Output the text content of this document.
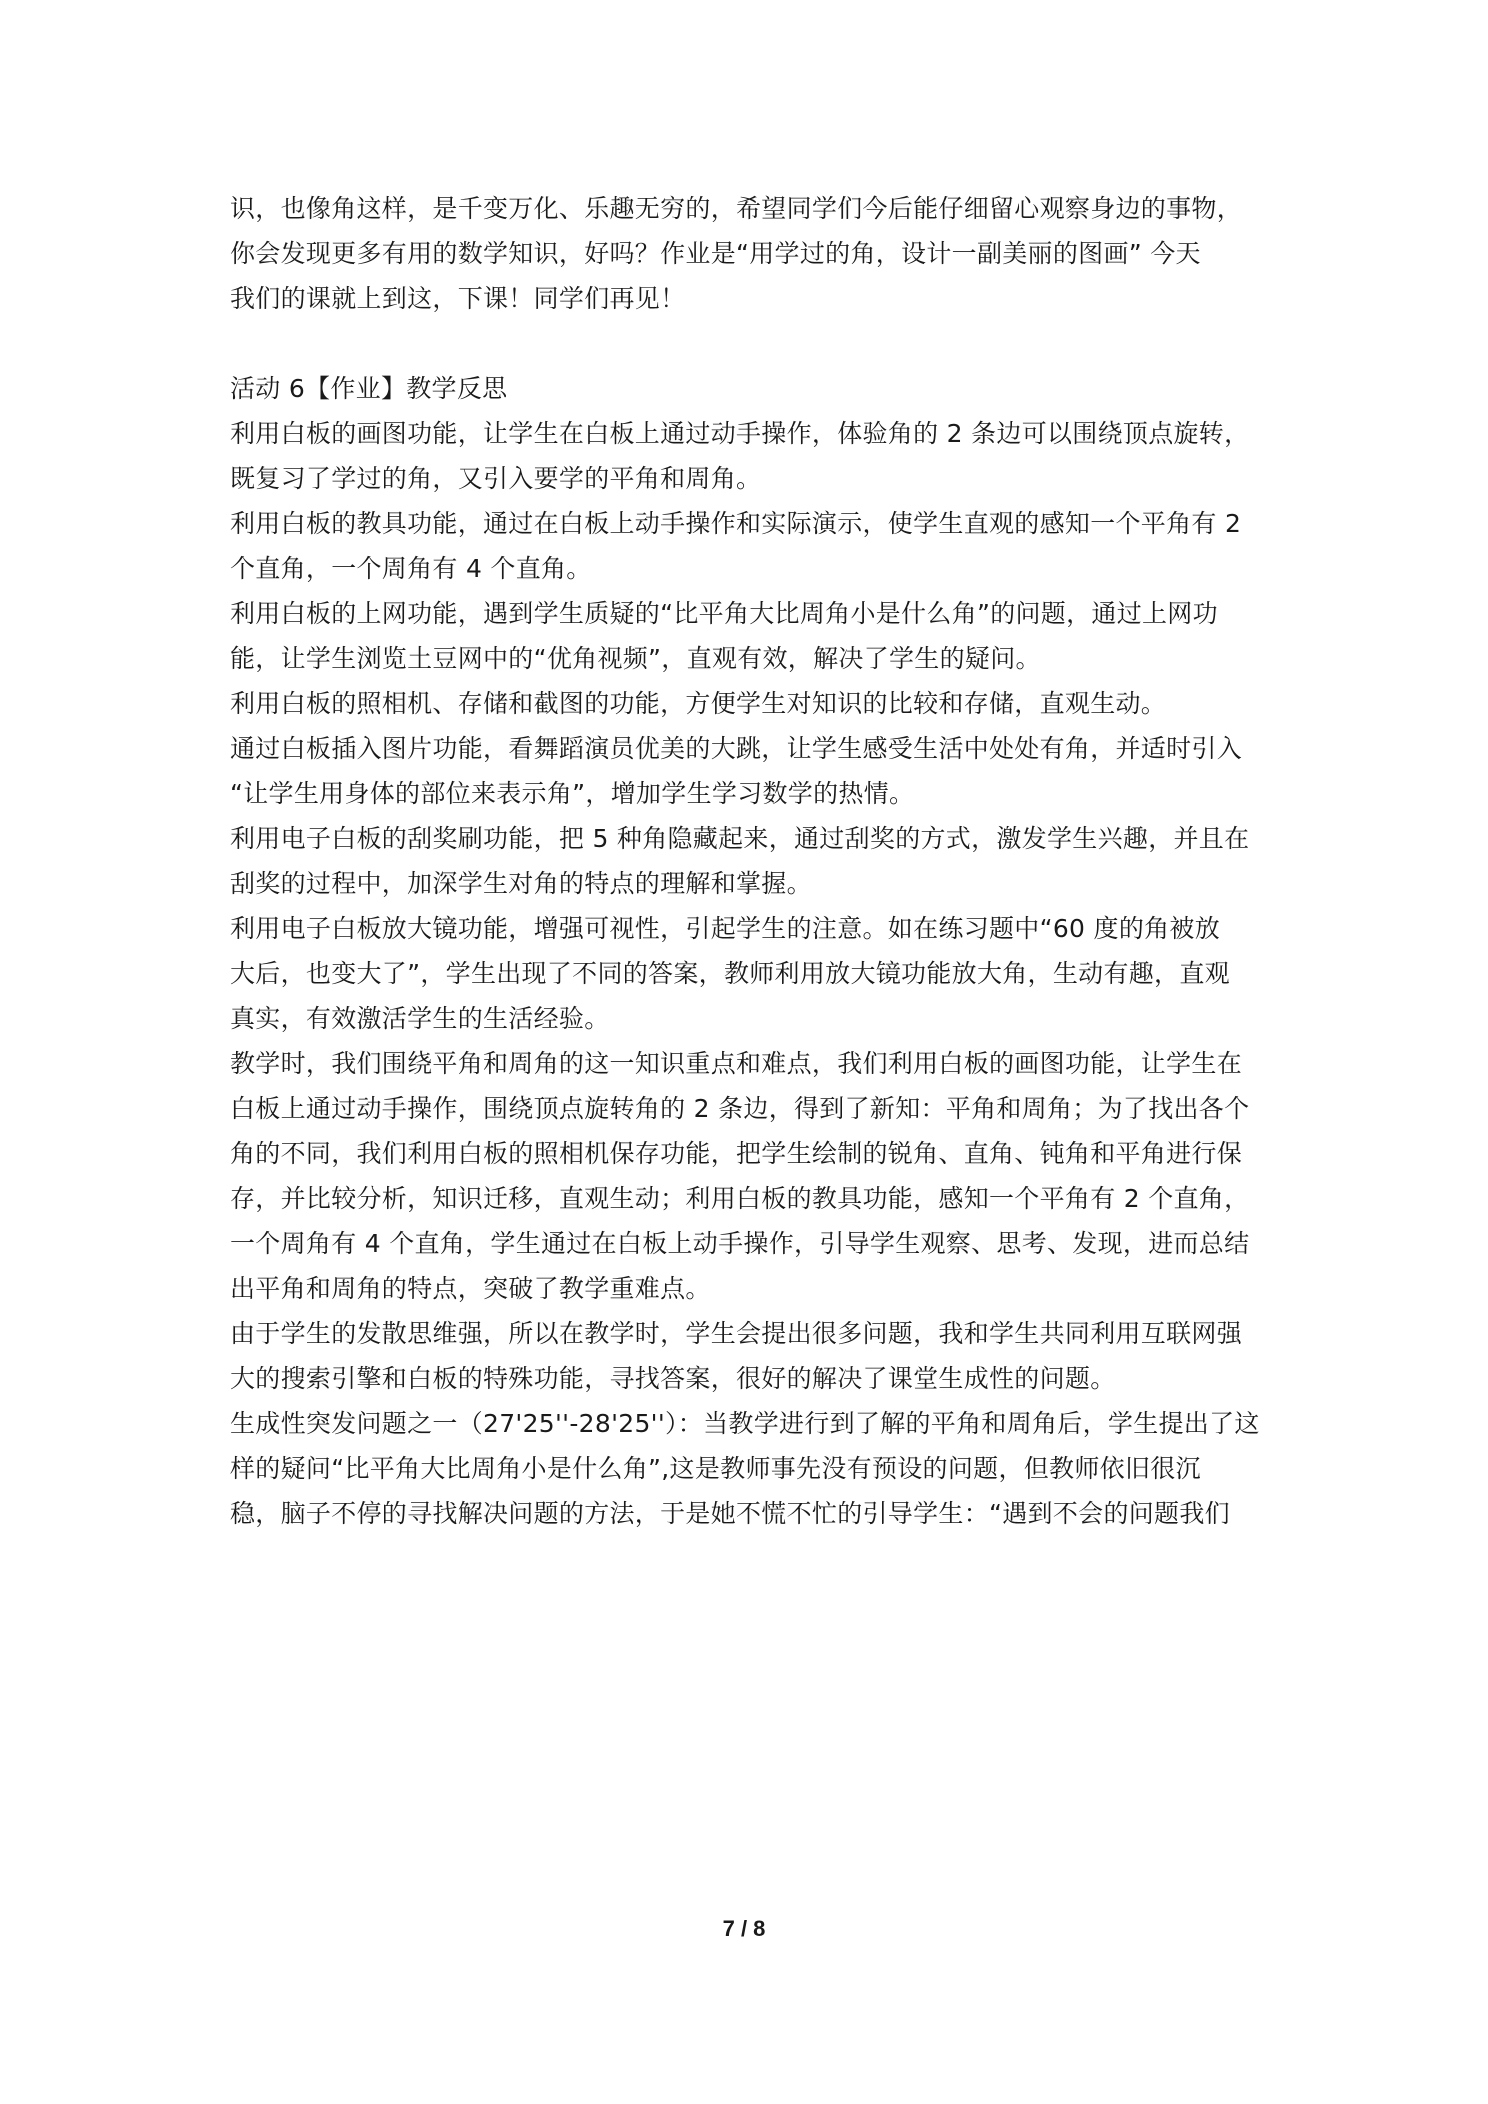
识，也像角这样，是千变万化、乐趣无穷的，希望同学们今后能仔细留心观察身边的事物，
你会发现更多有用的数学知识，好吗？作业是“用学过的角，设计一副美丽的图画” 今天
我们的课就上到这，下课！同学们再见！
活动 6【作业】教学反思
利用白板的画图功能，让学生在白板上通过动手操作，体验角的 2 条边可以围绕顶点旋转，
既复习了学过的角，又引入要学的平角和周角。
利用白板的教具功能，通过在白板上动手操作和实际演示，使学生直观的感知一个平角有 2
个直角，一个周角有 4 个直角。
利用白板的上网功能，遇到学生质疑的“比平角大比周角小是什么角”的问题，通过上网功
能，让学生浏览土豆网中的“优角视频”，直观有效，解决了学生的疑问。
利用白板的照相机、存储和截图的功能，方便学生对知识的比较和存储，直观生动。
通过白板插入图片功能，看舞蹈演员优美的大跳，让学生感受生活中处处有角，并适时引入
“让学生用身体的部位来表示角”，增加学生学习数学的热情。
利用电子白板的刮奖刷功能，把 5 种角隐藏起来，通过刮奖的方式，激发学生兴趣，并且在
刮奖的过程中，加深学生对角的特点的理解和掌握。
利用电子白板放大镜功能，增强可视性，引起学生的注意。如在练习题中“60 度的角被放
大后，也变大了”，学生出现了不同的答案，教师利用放大镜功能放大角，生动有趣，直观
真实，有效激活学生的生活经验。
教学时，我们围绕平角和周角的这一知识重点和难点，我们利用白板的画图功能，让学生在
白板上通过动手操作，围绕顶点旋转角的 2 条边，得到了新知：平角和周角；为了找出各个
角的不同，我们利用白板的照相机保存功能，把学生绘制的锐角、直角、钝角和平角进行保
存，并比较分析，知识迁移，直观生动；利用白板的教具功能，感知一个平角有 2 个直角，
一个周角有 4 个直角，学生通过在白板上动手操作，引导学生观察、思考、发现，进而总结
出平角和周角的特点，突破了教学重难点。
由于学生的发散思维强，所以在教学时，学生会提出很多问题，我和学生共同利用互联网强
大的搜索引擎和白板的特殊功能，寻找答案，很好的解决了课堂生成性的问题。
生成性突发问题之一（27'25''-28'25''）：当教学进行到了解的平角和周角后，学生提出了这
样的疑问“比平角大比周角小是什么角”,这是教师事先没有预设的问题，但教师依旧很沉
稳，脑子不停的寻找解决问题的方法，于是她不慌不忙的引导学生：“遇到不会的问题我们
7 / 8
